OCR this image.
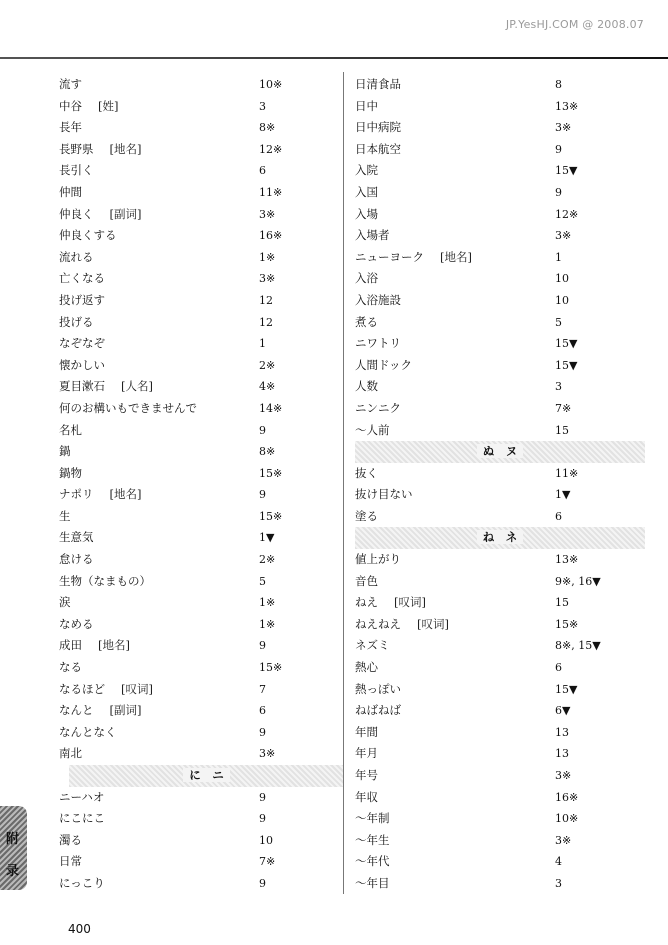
JP.YesHJ.COM @ 2008.07
流す	10※
中谷 [姓]	3
長年	8※
長野県 [地名]	12※
長引く	6
仲間	11※
仲良く [副词]	3※
仲良くする	16※
流れる	1※
亡くなる	3※
投げ返す	12
投げる	12
なぞなぞ	1
懐かしい	2※
夏目漱石 [人名]	4※
何のお構いもできませんで	14※
名札	9
鍋	8※
鍋物	15※
ナポリ [地名]	9
生	15※
生意気	1▼
怠ける	2※
生物（なまもの）	5
涙	1※
なめる	1※
成田 [地名]	9
なる	15※
なるほど [叹词]	7
なんと [副词]	6
なんとなく	9
南北	3※
に　ニ
ニーハオ	9
にこにこ	9
濁る	10
日常	7※
にっこり	9
日清食品	8
日中	13※
日中病院	3※
日本航空	9
入院	15▼
入国	9
入場	12※
入場者	3※
ニューヨーク [地名]	1
入浴	10
入浴施設	10
煮る	5
ニワトリ	15▼
人間ドック	15▼
人数	3
ニンニク	7※
～人前	15
ぬ　ヌ
抜く	11※
抜け目ない	1▼
塗る	6
ね　ネ
値上がり	13※
音色	9※, 16▼
ねえ [叹词]	15
ねえねえ [叹词]	15※
ネズミ	8※, 15▼
熱心	6
熱っぽい	15▼
ねばねば	6▼
年間	13
年月	13
年号	3※
年収	16※
～年制	10※
～年生	3※
～年代	4
～年目	3
附
录
400
